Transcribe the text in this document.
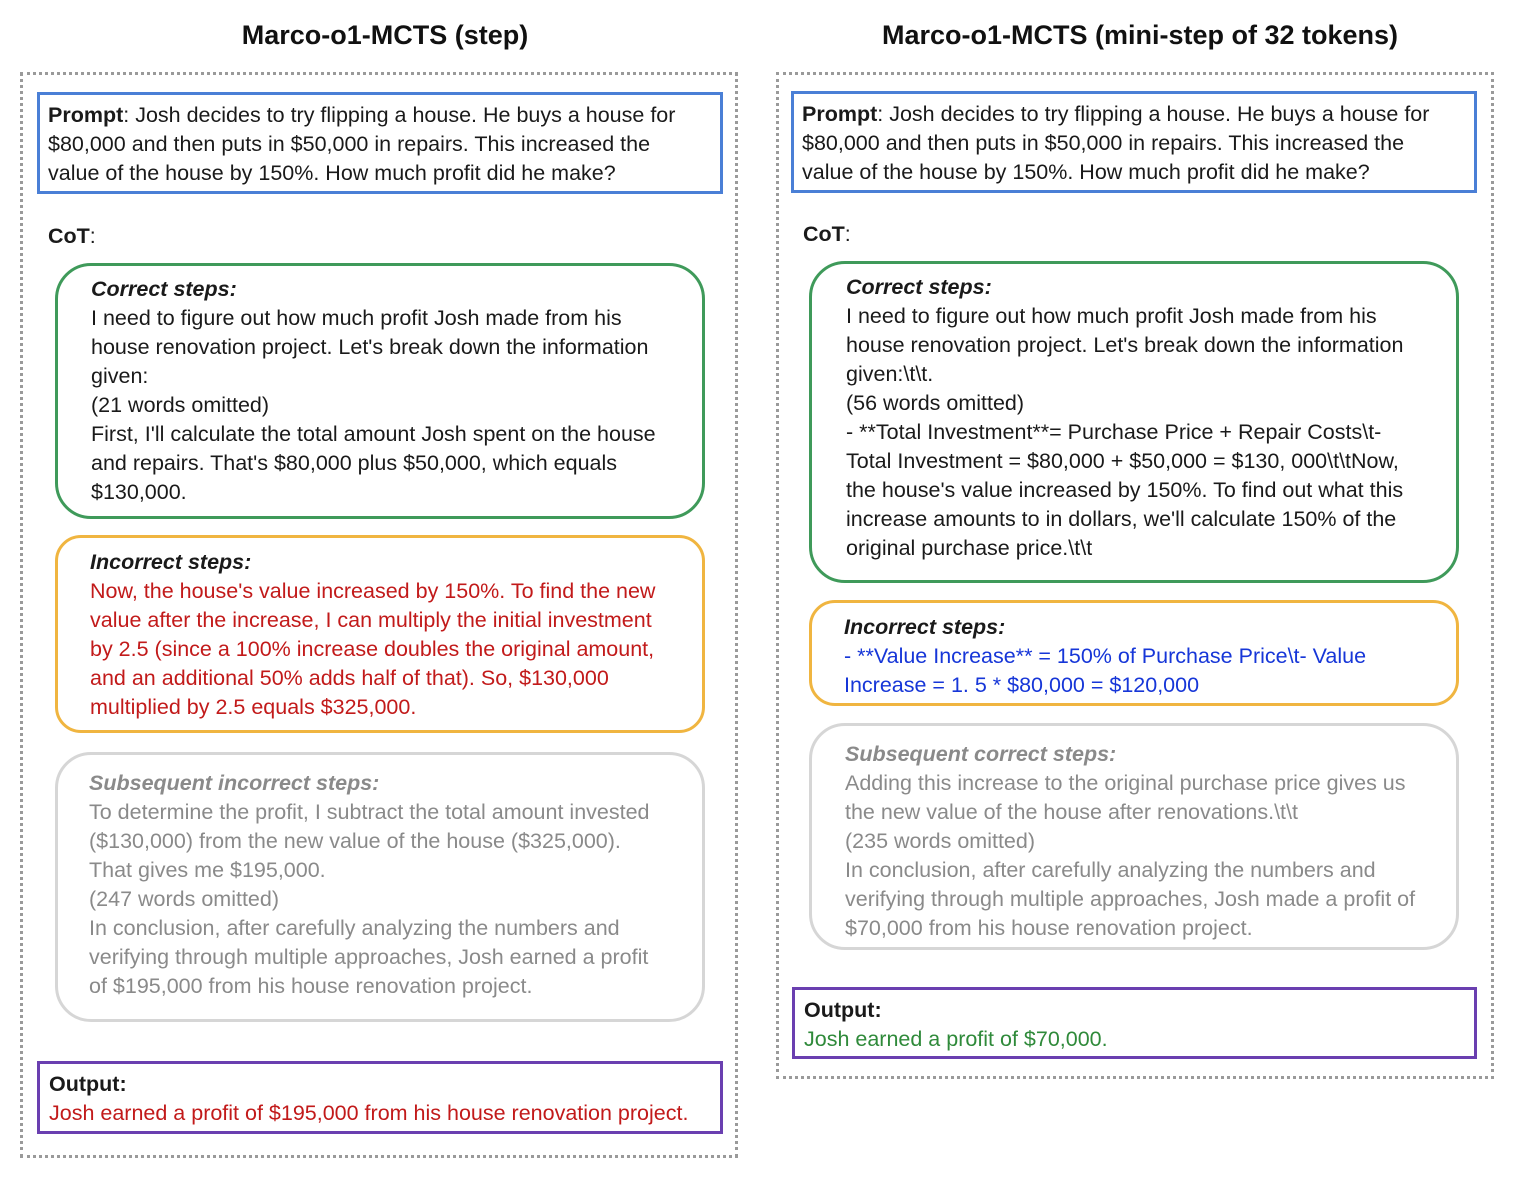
Marco-o1-MCTS (step)
Prompt: Josh decides to try flipping a house. He buys a house for
$80,000 and then puts in $50,000 in repairs. This increased the
value of the house by 150%. How much profit did he make?
CoT:
Correct steps:
I need to figure out how much profit Josh made from his
house renovation project. Let's break down the information
given:
(21 words omitted)
First, I'll calculate the total amount Josh spent on the house
and repairs. That's $80,000 plus $50,000, which equals
$130,000.
Incorrect steps:
Now, the house's value increased by 150%. To find the new
value after the increase, I can multiply the initial investment
by 2.5 (since a 100% increase doubles the original amount,
and an additional 50% adds half of that). So, $130,000
multiplied by 2.5 equals $325,000.
Subsequent incorrect steps:
To determine the profit, I subtract the total amount invested
($130,000) from the new value of the house ($325,000).
That gives me $195,000.
(247 words omitted)
In conclusion, after carefully analyzing the numbers and
verifying through multiple approaches, Josh earned a profit
of $195,000 from his house renovation project.
Output:
Josh earned a profit of $195,000 from his house renovation project.
Marco-o1-MCTS (mini-step of 32 tokens)
Prompt: Josh decides to try flipping a house. He buys a house for
$80,000 and then puts in $50,000 in repairs. This increased the
value of the house by 150%. How much profit did he make?
CoT:
Correct steps:
I need to figure out how much profit Josh made from his
house renovation project. Let's break down the information
given:\t\t.
(56 words omitted)
- **Total Investment**= Purchase Price + Repair Costs\t-
Total Investment = $80,000 + $50,000 = $130, 000\t\tNow,
the house's value increased by 150%. To find out what this
increase amounts to in dollars, we'll calculate 150% of the
original purchase price.\t\t
Incorrect steps:
- **Value Increase** = 150% of Purchase Price\t- Value
Increase = 1. 5 * $80,000 = $120,000
Subsequent correct steps:
Adding this increase to the original purchase price gives us
the new value of the house after renovations.\t\t
(235 words omitted)
In conclusion, after carefully analyzing the numbers and
verifying through multiple approaches, Josh made a profit of
$70,000 from his house renovation project.
Output:
Josh earned a profit of $70,000.
